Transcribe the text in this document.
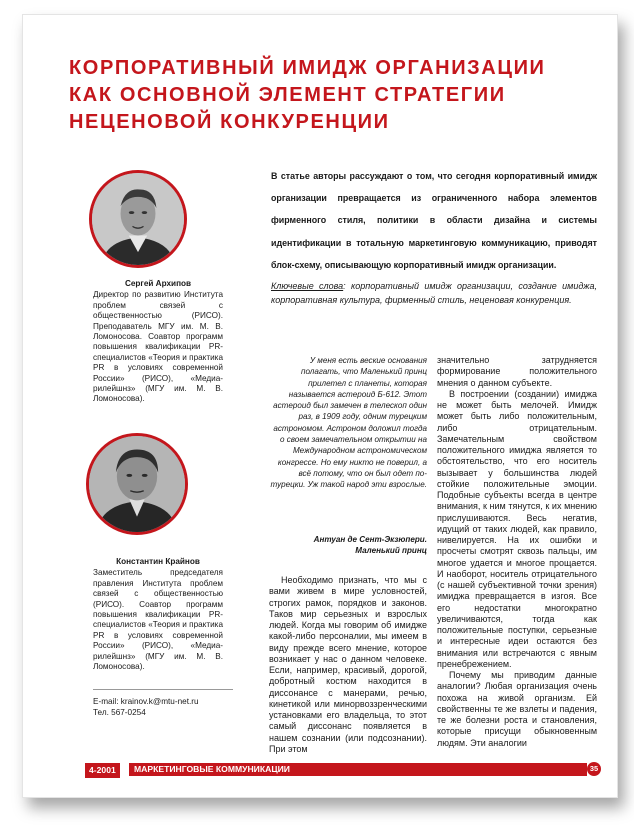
КОРПОРАТИВНЫЙ ИМИДЖ ОРГАНИЗАЦИИ
КАК ОСНОВНОЙ ЭЛЕМЕНТ СТРАТЕГИИ
НЕЦЕНОВОЙ КОНКУРЕНЦИИ
Сергей Архипов
Директор по развитию Института проблем связей с общественностью (РИСО). Преподаватель МГУ им. М. В. Ломоносова. Соавтор программ повышения квалификации PR-специалистов «Теория и практика PR в условиях современной России» (РИСО), «Медиа-рилейшнз» (МГУ им. М. В. Ломоносова).
Константин Крайнов
Заместитель председателя правления Института проблем связей с общественностью (РИСО). Соавтор программ повышения квалификации PR-специалистов «Теория и практика PR в условиях современной России» (РИСО), «Медиа-рилейшнз» (МГУ им. М. В. Ломоносова).
E-mail: krainov.k@mtu-net.ru
Тел. 567-0254

В статье авторы рассуждают о том, что сегодня корпоративный имидж организации превращается из ограниченного набора элементов фирменного стиля, политики в области дизайна и системы идентификации в тотальную маркетинговую коммуникацию, приводят блок-схему, описывающую корпоративный имидж организации.

Ключевые слова: корпоративный имидж организации, создание имиджа, корпоративная культура, фирменный стиль, неценовая конкуренция.

У меня есть веские основания полагать, что Маленький принц прилетел с планеты, которая называется астероид Б-612. Этот астероид был замечен в телескоп один раз, в 1909 году, одним турецким астрономом. Астроном доложил тогда о своем замечательном открытии на Международном астрономическом конгрессе. Но ему никто не поверил, а всё потому, что он был одет по-турецки. Уж такой народ эти взрослые.

Антуан де Сент-Экзюпери.
Маленький принц

Необходимо признать, что мы с вами живем в мире условностей, строгих рамок, порядков и законов. Таков мир серьезных и взрослых людей. Когда мы говорим об имидже какой-либо персоналии, мы имеем в виду прежде всего мнение, которое возникает у нас о данном человеке. Если, например, красивый, дорогой, добротный костюм находится в диссонансе с манерами, речью, кинетикой или минорвоззренческими установками его владельца, то этот самый диссонанс появляется в нашем сознании (или подсознании). При этом

значительно затрудняется формирование положительного мнения о данном субъекте.

В построении (создании) имиджа не может быть мелочей. Имидж может быть либо положительным, либо отрицательным. Замечательным свойством положительного имиджа является то обстоятельство, что его носитель вызывает у большинства людей стойкие положительные эмоции. Подобные субъекты всегда в центре внимания, к ним тянутся, к их мнению прислушиваются. Весь негатив, идущий от таких людей, как правило, нивелируется. На их ошибки и просчеты смотрят сквозь пальцы, им многое удается и многое прощается. И наоборот, носитель отрицательного (с нашей субъективной точки зрения) имиджа превращается в изгоя. Все его недостатки многократно увеличиваются, тогда как положительные поступки, серьезные и интересные идеи остаются без внимания или встречаются с явным пренебрежением.

Почему мы приводим данные аналогии? Любая организация очень похожа на живой организм. Ей свойственны те же взлеты и падения, те же болезни роста и становления, которые присущи обыкновенным людям. Эти аналогии

4-2001	МАРКЕТИНГОВЫЕ КОММУНИКАЦИИ	35
